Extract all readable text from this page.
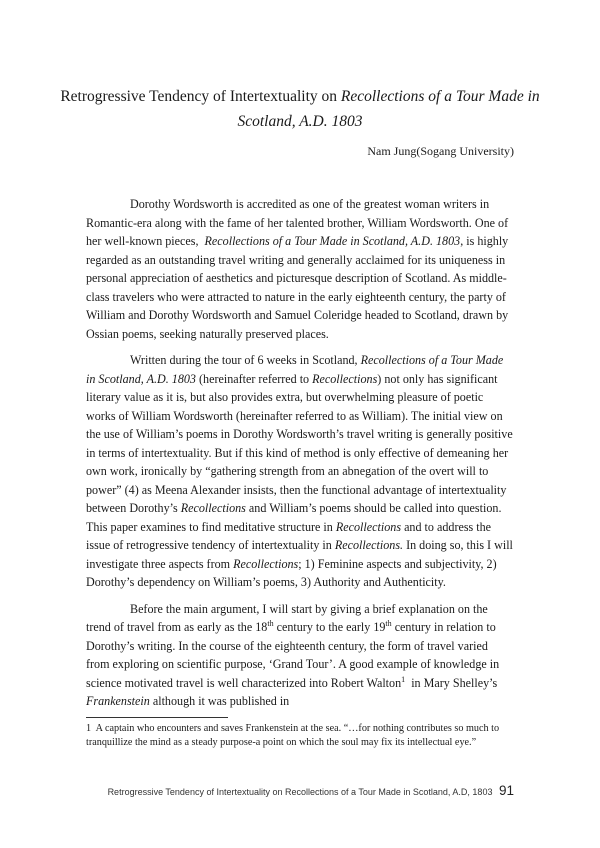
Retrogressive Tendency of Intertextuality on Recollections of a Tour Made in Scotland, A.D. 1803
Nam Jung(Sogang University)

Dorothy Wordsworth is accredited as one of the greatest woman writers in Romantic-era along with the fame of her talented brother, William Wordsworth. One of her well-known pieces, Recollections of a Tour Made in Scotland, A.D. 1803, is highly regarded as an outstanding travel writing and generally acclaimed for its uniqueness in personal appreciation of aesthetics and picturesque description of Scotland. As middle-class travelers who were attracted to nature in the early eighteenth century, the party of William and Dorothy Wordsworth and Samuel Coleridge headed to Scotland, drawn by Ossian poems, seeking naturally preserved places.

Written during the tour of 6 weeks in Scotland, Recollections of a Tour Made in Scotland, A.D. 1803 (hereinafter referred to Recollections) not only has significant literary value as it is, but also provides extra, but overwhelming pleasure of poetic works of William Wordsworth (hereinafter referred to as William). The initial view on the use of William’s poems in Dorothy Wordsworth’s travel writing is generally positive in terms of intertextuality. But if this kind of method is only effective of demeaning her own work, ironically by “gathering strength from an abnegation of the overt will to power” (4) as Meena Alexander insists, then the functional advantage of intertextuality between Dorothy’s Recollections and William’s poems should be called into question. This paper examines to find meditative structure in Recollections and to address the issue of retrogressive tendency of intertextuality in Recollections. In doing so, this I will investigate three aspects from Recollections; 1) Feminine aspects and subjectivity, 2) Dorothy’s dependency on William’s poems, 3) Authority and Authenticity.

Before the main argument, I will start by giving a brief explanation on the trend of travel from as early as the 18th century to the early 19th century in relation to Dorothy’s writing. In the course of the eighteenth century, the form of travel varied from exploring on scientific purpose, ‘Grand Tour’. A good example of knowledge in science motivated travel is well characterized into Robert Walton$^1$ in Mary Shelley’s Frankenstein although it was published in

1 A captain who encounters and saves Frankenstein at the sea. “…for nothing contributes so much to tranquillize the mind as a steady purpose-a point on which the soul may fix its intellectual eye.”
Retrogressive Tendency of Intertextuality on Recollections of a Tour Made in Scotland, A.D, 1803 91
